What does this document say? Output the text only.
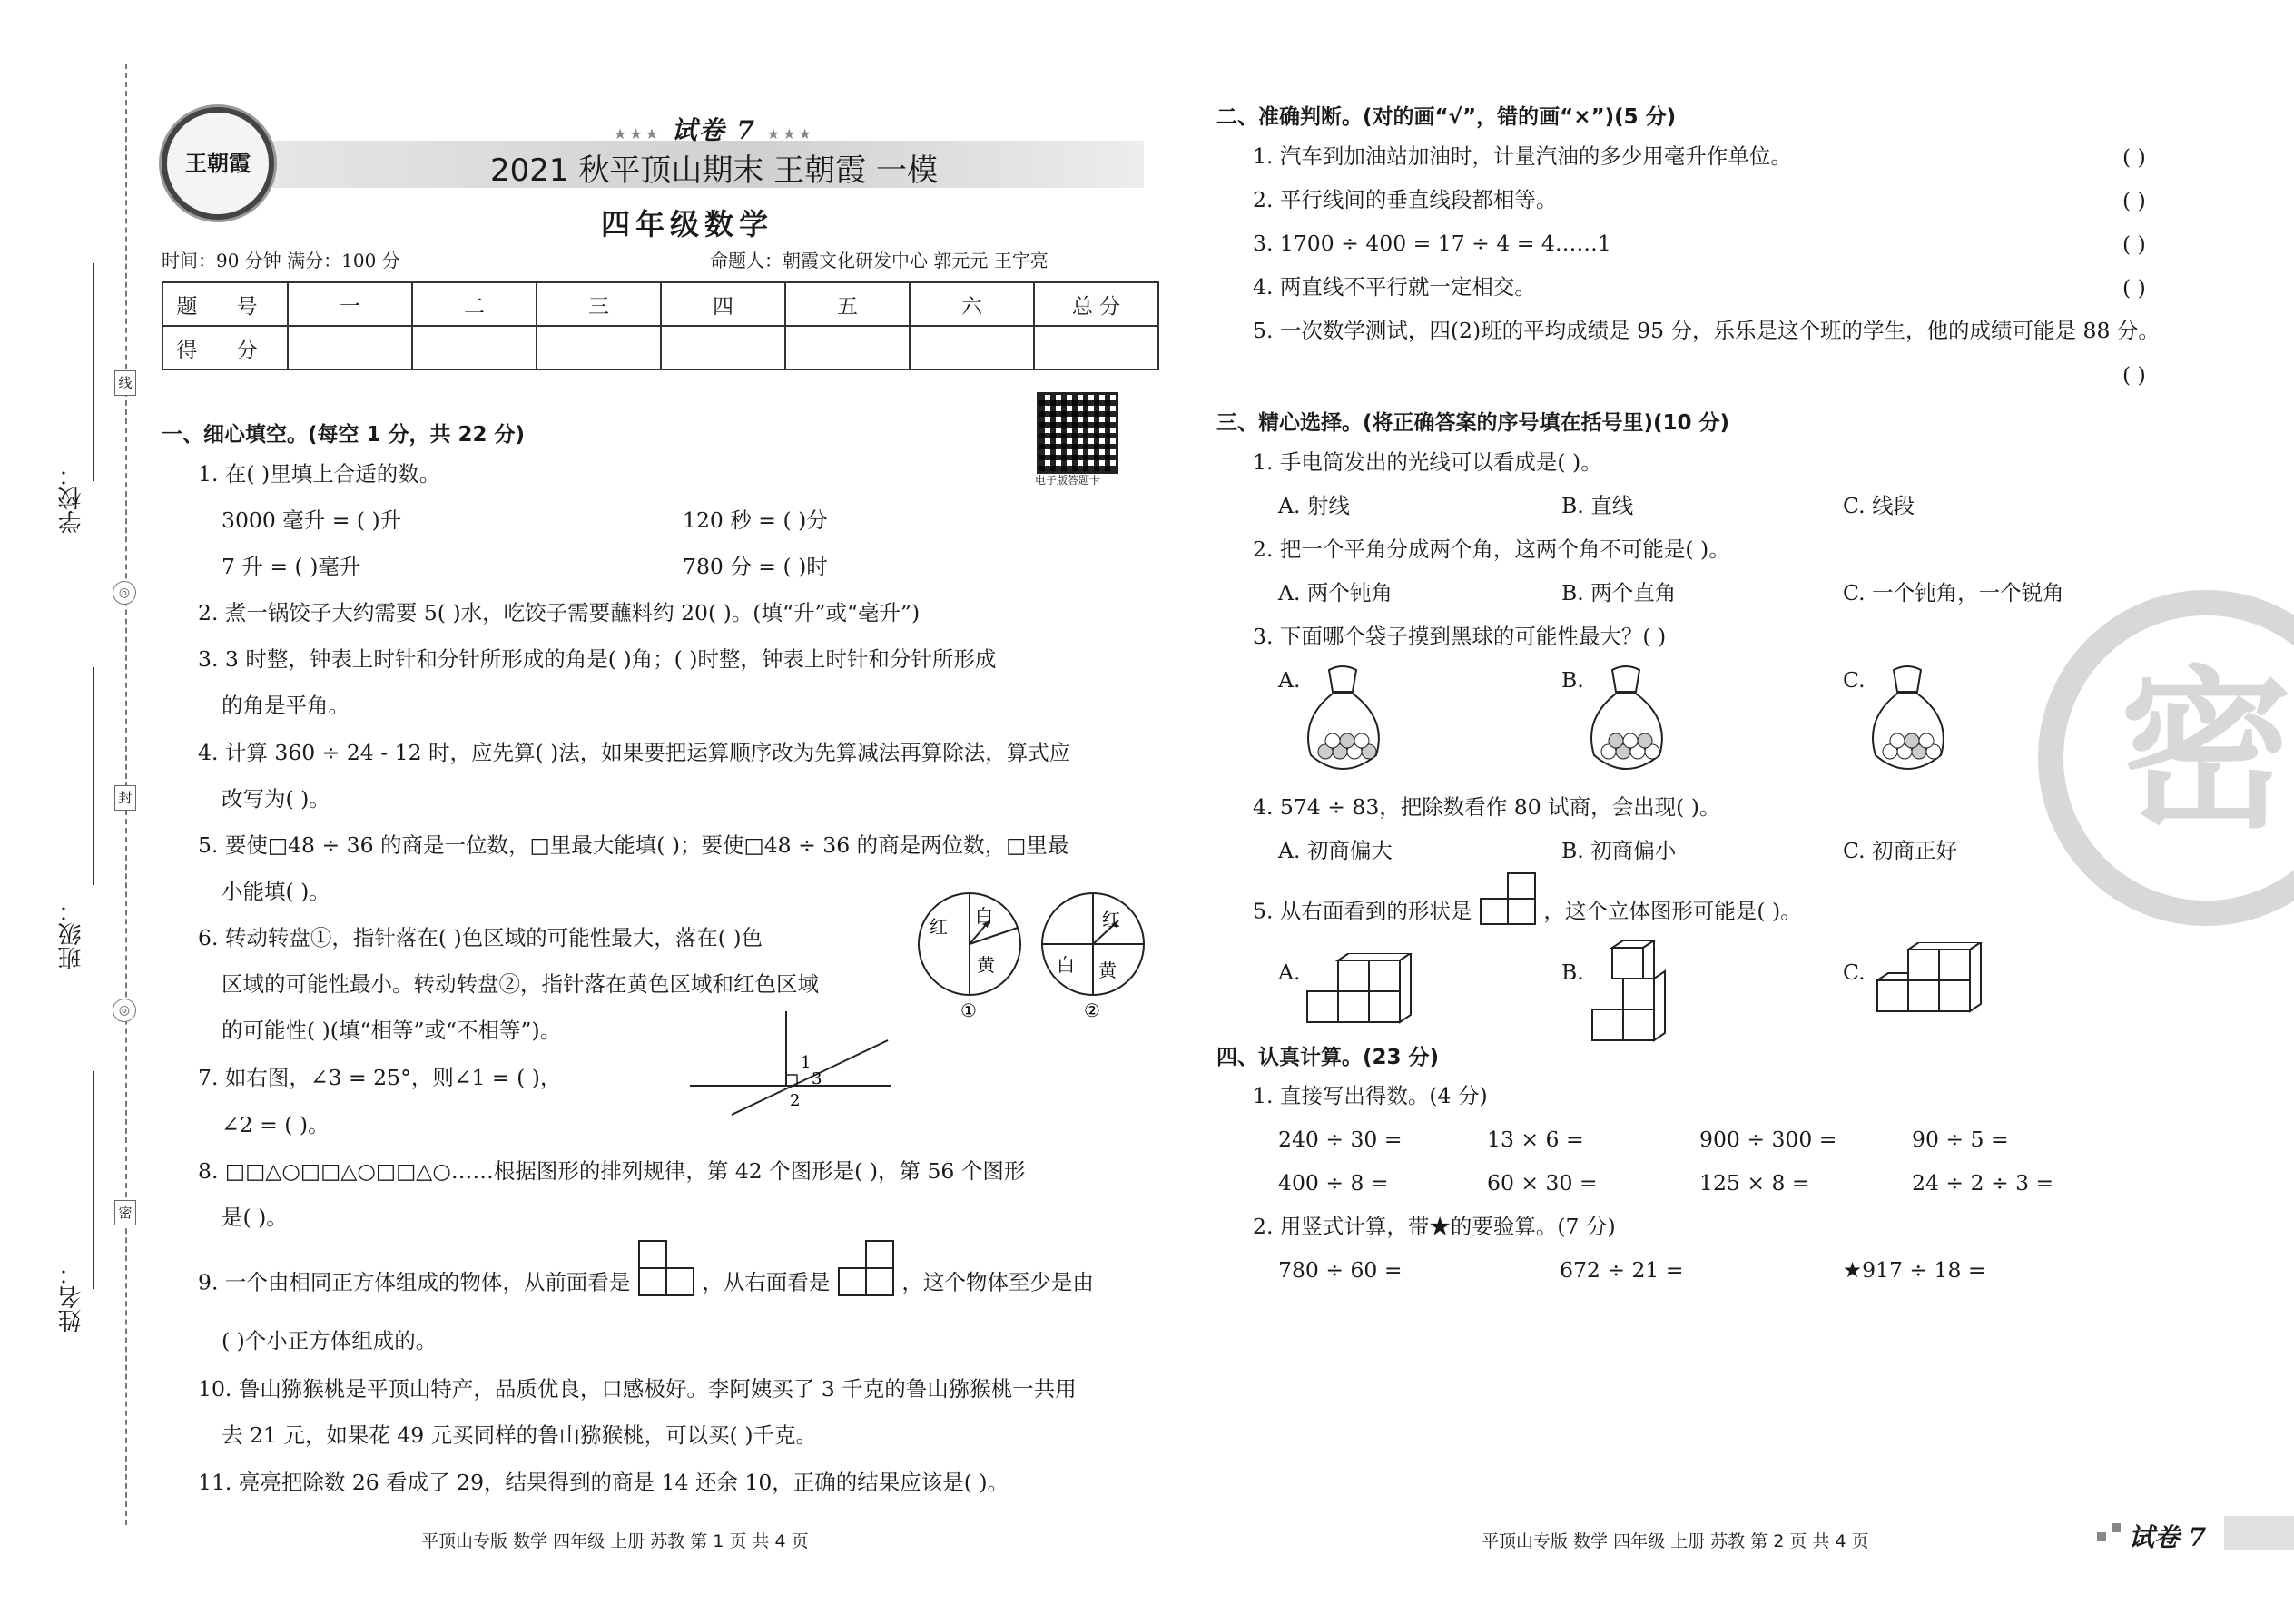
学校：
班级：
姓名：
线
封
密
◎
◎
王朝霞
★★★ 试卷 7 ★★★
2021 秋平顶山期末 王朝霞 一模
四年级数学
时间：90 分钟 满分：100 分	命题人：朝霞文化研发中心 郭元元 王宇亮
题 号	一	二	三	四	五	六	总 分
得 分							
电子版答题卡
一、细心填空。(每空 1 分，共 22 分)
1. 在( )里填上合适的数。
3000 毫升 = ( )升	120 秒 = ( )分
7 升 = ( )毫升	780 分 = ( )时
2. 煮一锅饺子大约需要 5( )水，吃饺子需要蘸料约 20( )。(填“升”或“毫升”)
3. 3 时整，钟表上时针和分针所形成的角是( )角；( )时整，钟表上时针和分针所形成
的角是平角。
4. 计算 360 ÷ 24 - 12 时，应先算( )法，如果要把运算顺序改为先算减法再算除法，算式应
改写为( )。
5. 要使□48 ÷ 36 的商是一位数，□里最大能填( )；要使□48 ÷ 36 的商是两位数，□里最
小能填( )。
6. 转动转盘①，指针落在( )色区域的可能性最大，落在( )色
区域的可能性最小。转动转盘②，指针落在黄色区域和红色区域
的可能性( )(填“相等”或“不相等”)。
红 白
黄
①
红
白 黄
②
7. 如右图，∠3 = 25°，则∠1 = ( )，
∠2 = ( )。
1
3
2
8. □□△○□□△○□□△○……根据图形的排列规律，第 42 个图形是( )，第 56 个图形
是( )。
9. 一个由相同正方体组成的物体，从前面看是	，从右面看是	，这个物体至少是由
( )个小正方体组成的。
10. 鲁山猕猴桃是平顶山特产，品质优良，口感极好。李阿姨买了 3 千克的鲁山猕猴桃一共用
去 21 元，如果花 49 元买同样的鲁山猕猴桃，可以买( )千克。
11. 亮亮把除数 26 看成了 29，结果得到的商是 14 还余 10，正确的结果应该是( )。
平顶山专版 数学 四年级 上册 苏教 第 1 页 共 4 页
二、准确判断。(对的画“√”，错的画“×”)(5 分)
1. 汽车到加油站加油时，计量汽油的多少用毫升作单位。	( )
2. 平行线间的垂直线段都相等。	( )
3. 1700 ÷ 400 = 17 ÷ 4 = 4……1	( )
4. 两直线不平行就一定相交。	( )
5. 一次数学测试，四(2)班的平均成绩是 95 分，乐乐是这个班的学生，他的成绩可能是 88 分。
( )
三、精心选择。(将正确答案的序号填在括号里)(10 分)
1. 手电筒发出的光线可以看成是( )。
A. 射线	B. 直线	C. 线段
2. 把一个平角分成两个角，这两个角不可能是( )。
A. 两个钝角	B. 两个直角	C. 一个钝角，一个锐角
3. 下面哪个袋子摸到黑球的可能性最大？( )
A.	B.	C.
4. 574 ÷ 83，把除数看作 80 试商，会出现( )。
A. 初商偏大	B. 初商偏小	C. 初商正好
5. 从右面看到的形状是	，这个立体图形可能是( )。
A.	B.	C.
四、认真计算。(23 分)
1. 直接写出得数。(4 分)
240 ÷ 30 =	13 × 6 =	900 ÷ 300 =	90 ÷ 5 =
400 ÷ 8 =	60 × 30 =	125 × 8 =	24 ÷ 2 ÷ 3 =
2. 用竖式计算，带★的要验算。(7 分)
780 ÷ 60 =	672 ÷ 21 =	★917 ÷ 18 =
密
平顶山专版 数学 四年级 上册 苏教 第 2 页 共 4 页	试卷 7
